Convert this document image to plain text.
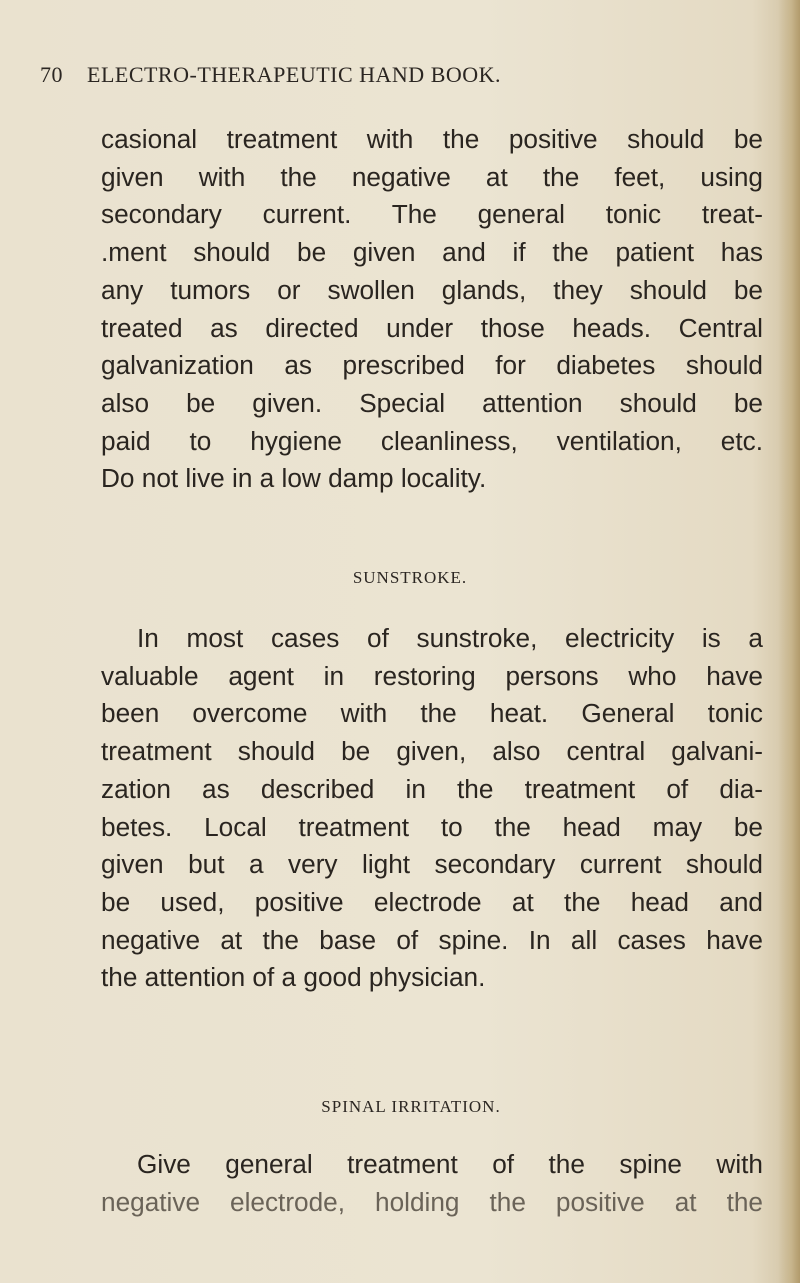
70 ELECTRO-THERAPEUTIC HAND BOOK.
casional treatment with the positive should be
given with the negative at the feet, using
secondary current. The general tonic treat-
.ment should be given and if the patient has
any tumors or swollen glands, they should be
treated as directed under those heads. Central
galvanization as prescribed for diabetes should
also be given. Special attention should be
paid to hygiene cleanliness, ventilation, etc.
Do not live in a low damp locality.
SUNSTROKE.
In most cases of sunstroke, electricity is a
valuable agent in restoring persons who have
been overcome with the heat. General tonic
treatment should be given, also central galvani-
zation as described in the treatment of dia-
betes. Local treatment to the head may be
given but a very light secondary current should
be used, positive electrode at the head and
negative at the base of spine. In all cases have
the attention of a good physician.
SPINAL IRRITATION.
Give general treatment of the spine with
negative electrode, holding the positive at the
